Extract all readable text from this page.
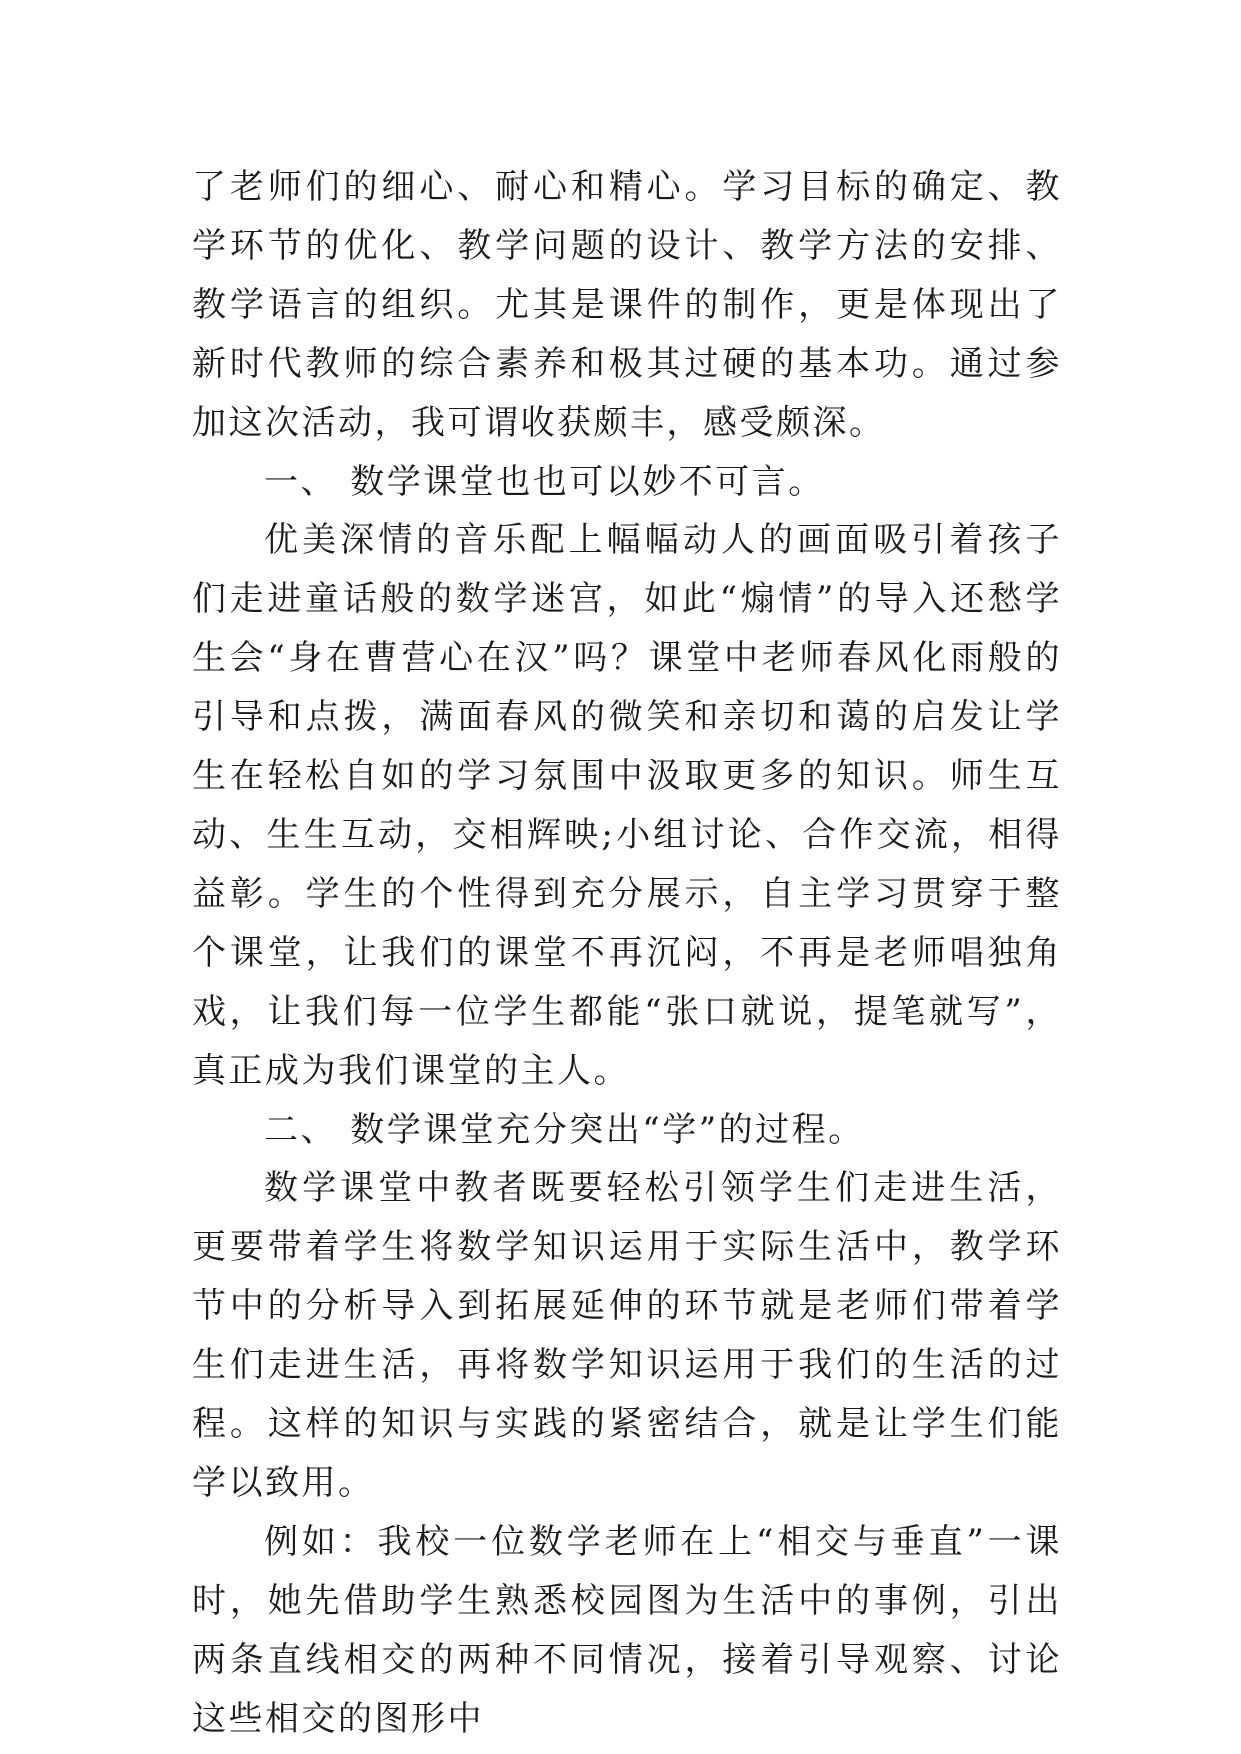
了老师们的细心、耐心和精心。学习目标的确定、教学环节的优化、教学问题的设计、教学方法的安排、教学语言的组织。尤其是课件的制作，更是体现出了新时代教师的综合素养和极其过硬的基本功。通过参加这次活动，我可谓收获颇丰，感受颇深。

一、 数学课堂也也可以妙不可言。

优美深情的音乐配上幅幅动人的画面吸引着孩子们走进童话般的数学迷宫，如此“煽情”的导入还愁学生会“身在曹营心在汉”吗？课堂中老师春风化雨般的引导和点拨，满面春风的微笑和亲切和蔼的启发让学生在轻松自如的学习氛围中汲取更多的知识。师生互动、生生互动，交相辉映;小组讨论、合作交流，相得益彰。学生的个性得到充分展示，自主学习贯穿于整个课堂，让我们的课堂不再沉闷，不再是老师唱独角戏，让我们每一位学生都能“张口就说，提笔就写”，真正成为我们课堂的主人。

二、 数学课堂充分突出“学”的过程。

数学课堂中教者既要轻松引领学生们走进生活，更要带着学生将数学知识运用于实际生活中，教学环节中的分析导入到拓展延伸的环节就是老师们带着学生们走进生活，再将数学知识运用于我们的生活的过程。这样的知识与实践的紧密结合，就是让学生们能学以致用。

例如：我校一位数学老师在上“相交与垂直”一课时，她先借助学生熟悉校园图为生活中的事例，引出两条直线相交的两种不同情况，接着引导观察、讨论这些相交的图形中
